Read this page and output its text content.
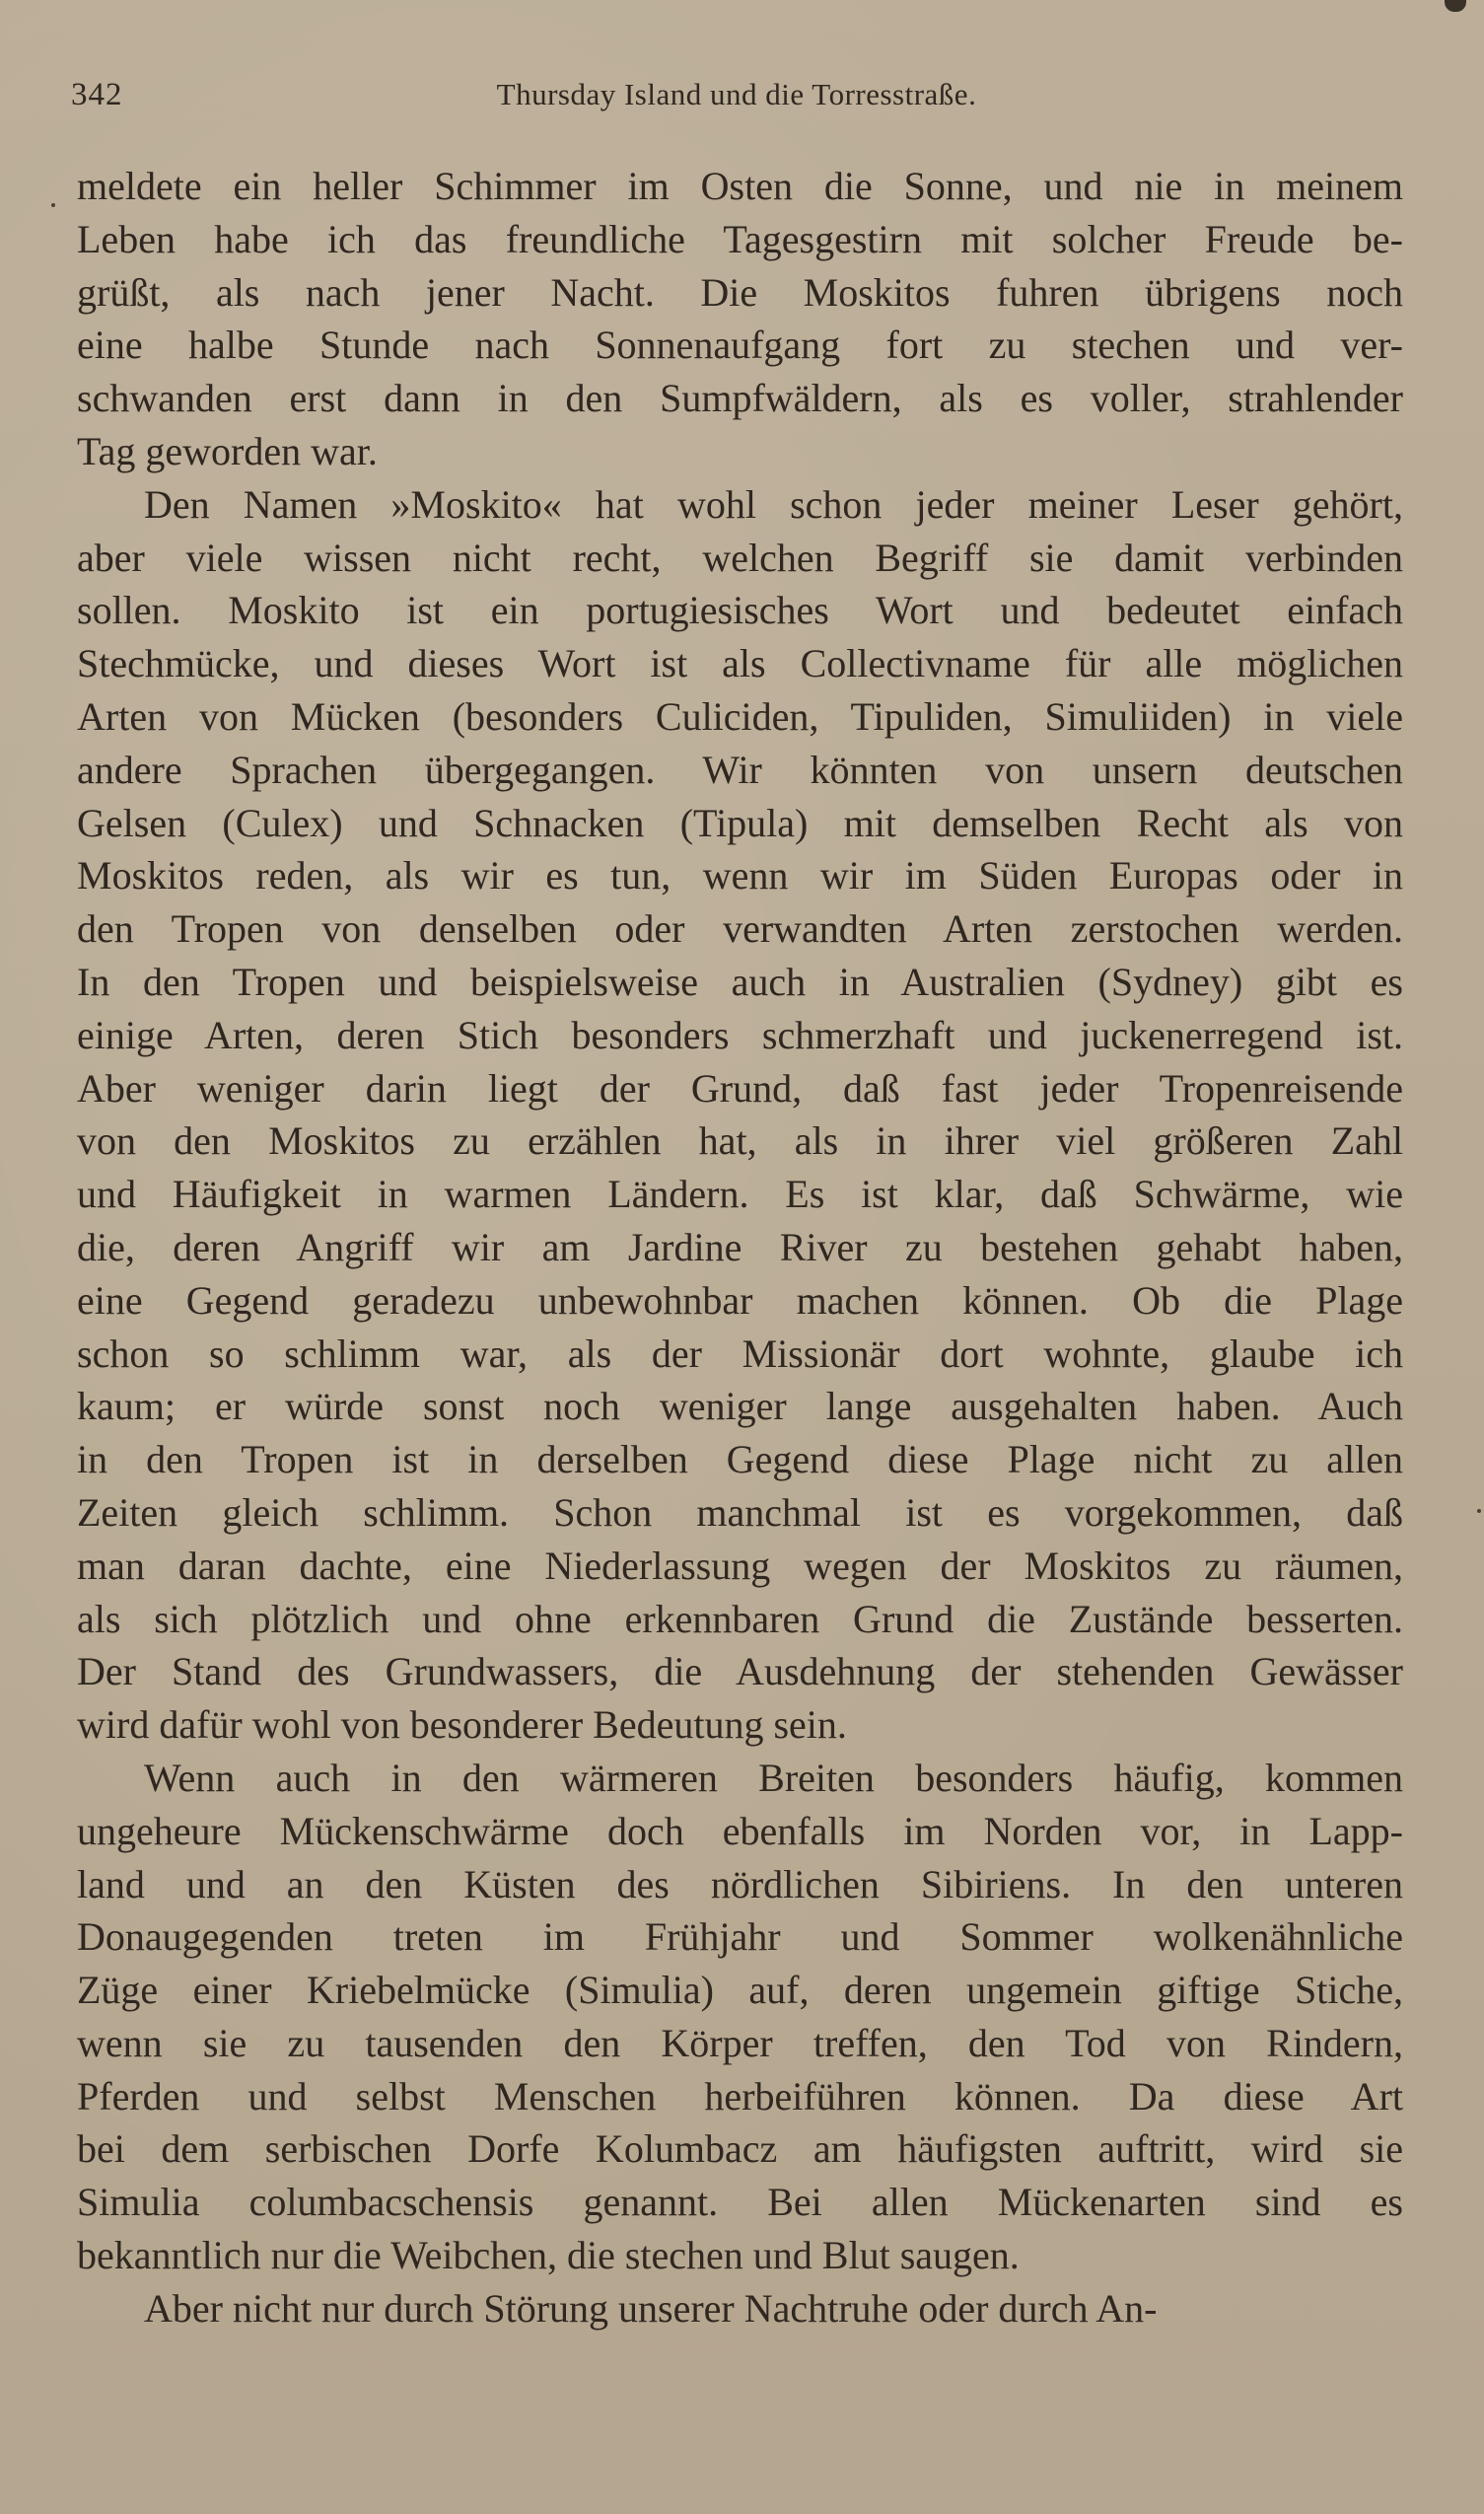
342	Thursday Island und die Torresstraße.
meldete ein heller Schimmer im Osten die Sonne, und nie in meinem
Leben habe ich das freundliche Tagesgestirn mit solcher Freude be-
grüßt, als nach jener Nacht. Die Moskitos fuhren übrigens noch
eine halbe Stunde nach Sonnenaufgang fort zu stechen und ver-
schwanden erst dann in den Sumpfwäldern, als es voller, strahlender
Tag geworden war.
Den Namen »Moskito« hat wohl schon jeder meiner Leser gehört,
aber viele wissen nicht recht, welchen Begriff sie damit verbinden
sollen. Moskito ist ein portugiesisches Wort und bedeutet einfach
Stechmücke, und dieses Wort ist als Collectivname für alle möglichen
Arten von Mücken (besonders Culiciden, Tipuliden, Simuliiden) in viele
andere Sprachen übergegangen. Wir könnten von unsern deutschen
Gelsen (Culex) und Schnacken (Tipula) mit demselben Recht als von
Moskitos reden, als wir es tun, wenn wir im Süden Europas oder in
den Tropen von denselben oder verwandten Arten zerstochen werden.
In den Tropen und beispielsweise auch in Australien (Sydney) gibt es
einige Arten, deren Stich besonders schmerzhaft und juckenerregend ist.
Aber weniger darin liegt der Grund, daß fast jeder Tropenreisende
von den Moskitos zu erzählen hat, als in ihrer viel größeren Zahl
und Häufigkeit in warmen Ländern. Es ist klar, daß Schwärme, wie
die, deren Angriff wir am Jardine River zu bestehen gehabt haben,
eine Gegend geradezu unbewohnbar machen können. Ob die Plage
schon so schlimm war, als der Missionär dort wohnte, glaube ich
kaum; er würde sonst noch weniger lange ausgehalten haben. Auch
in den Tropen ist in derselben Gegend diese Plage nicht zu allen
Zeiten gleich schlimm. Schon manchmal ist es vorgekommen, daß
man daran dachte, eine Niederlassung wegen der Moskitos zu räumen,
als sich plötzlich und ohne erkennbaren Grund die Zustände besserten.
Der Stand des Grundwassers, die Ausdehnung der stehenden Gewässer
wird dafür wohl von besonderer Bedeutung sein.
Wenn auch in den wärmeren Breiten besonders häufig, kommen
ungeheure Mückenschwärme doch ebenfalls im Norden vor, in Lapp-
land und an den Küsten des nördlichen Sibiriens. In den unteren
Donaugegenden treten im Frühjahr und Sommer wolkenähnliche
Züge einer Kriebelmücke (Simulia) auf, deren ungemein giftige Stiche,
wenn sie zu tausenden den Körper treffen, den Tod von Rindern,
Pferden und selbst Menschen herbeiführen können. Da diese Art
bei dem serbischen Dorfe Kolumbacz am häufigsten auftritt, wird sie
Simulia columbacschensis genannt. Bei allen Mückenarten sind es
bekanntlich nur die Weibchen, die stechen und Blut saugen.
Aber nicht nur durch Störung unserer Nachtruhe oder durch An-
